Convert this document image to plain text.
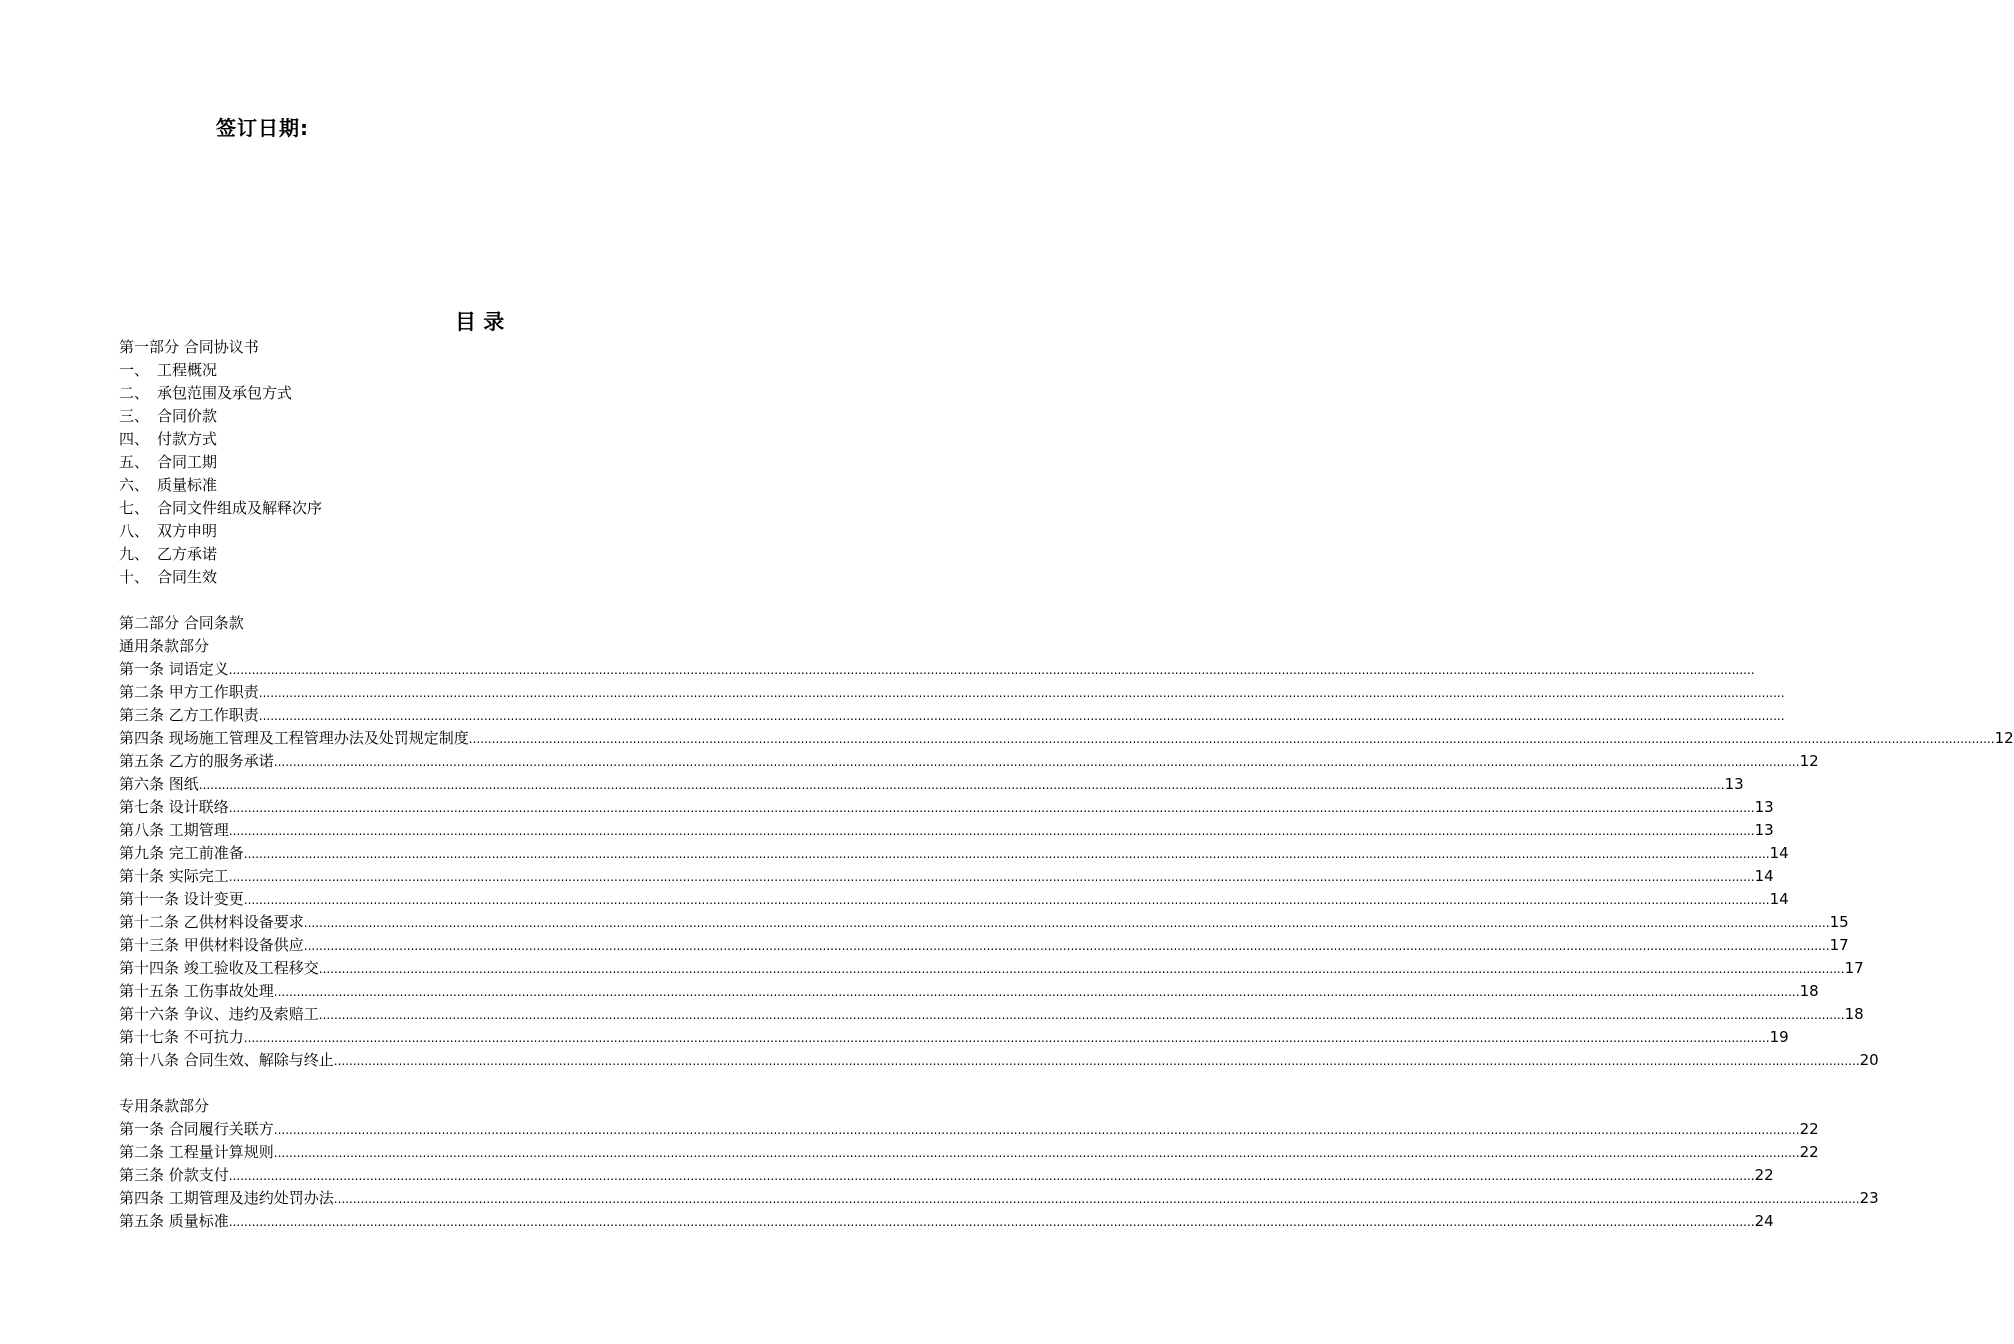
签订日期:
目 录
第一部分 合同协议书
一、 工程概况
二、 承包范围及承包方式
三、 合同价款
四、 付款方式
五、 合同工期
六、 质量标准
七、 合同文件组成及解释次序
八、 双方申明
九、 乙方承诺
十、 合同生效
第二部分 合同条款
通用条款部分
第一条 词语定义 ................................................................................................................................................................................................................................................................................................................................................................................................................
第二条 甲方工作职责 ................................................................................................................................................................................................................................................................................................................................................................................................................
第三条 乙方工作职责 ................................................................................................................................................................................................................................................................................................................................................................................................................
第四条 现场施工管理及工程管理办法及处罚规定制度 ................................................................................................................................................................................................................................................................................................................................................................................................................ 12
第五条 乙方的服务承诺 ................................................................................................................................................................................................................................................................................................................................................................................................................ 12
第六条 图纸 ................................................................................................................................................................................................................................................................................................................................................................................................................ 13
第七条 设计联络 ................................................................................................................................................................................................................................................................................................................................................................................................................ 13
第八条 工期管理 ................................................................................................................................................................................................................................................................................................................................................................................................................ 13
第九条 完工前准备 ................................................................................................................................................................................................................................................................................................................................................................................................................ 14
第十条 实际完工 ................................................................................................................................................................................................................................................................................................................................................................................................................ 14
第十一条 设计变更 ................................................................................................................................................................................................................................................................................................................................................................................................................ 14
第十二条 乙供材料设备要求 ................................................................................................................................................................................................................................................................................................................................................................................................................ 15
第十三条 甲供材料设备供应 ................................................................................................................................................................................................................................................................................................................................................................................................................ 17
第十四条 竣工验收及工程移交 ................................................................................................................................................................................................................................................................................................................................................................................................................ 17
第十五条 工伤事故处理 ................................................................................................................................................................................................................................................................................................................................................................................................................ 18
第十六条 争议、违约及索赔工 ................................................................................................................................................................................................................................................................................................................................................................................................................ 18
第十七条 不可抗力 ................................................................................................................................................................................................................................................................................................................................................................................................................ 19
第十八条 合同生效、解除与终止 ................................................................................................................................................................................................................................................................................................................................................................................................................ 20
专用条款部分
第一条 合同履行关联方 ................................................................................................................................................................................................................................................................................................................................................................................................................ 22
第二条 工程量计算规则 ................................................................................................................................................................................................................................................................................................................................................................................................................ 22
第三条 价款支付 ................................................................................................................................................................................................................................................................................................................................................................................................................ 22
第四条 工期管理及违约处罚办法 ................................................................................................................................................................................................................................................................................................................................................................................................................ 23
第五条 质量标准 ................................................................................................................................................................................................................................................................................................................................................................................................................ 24
